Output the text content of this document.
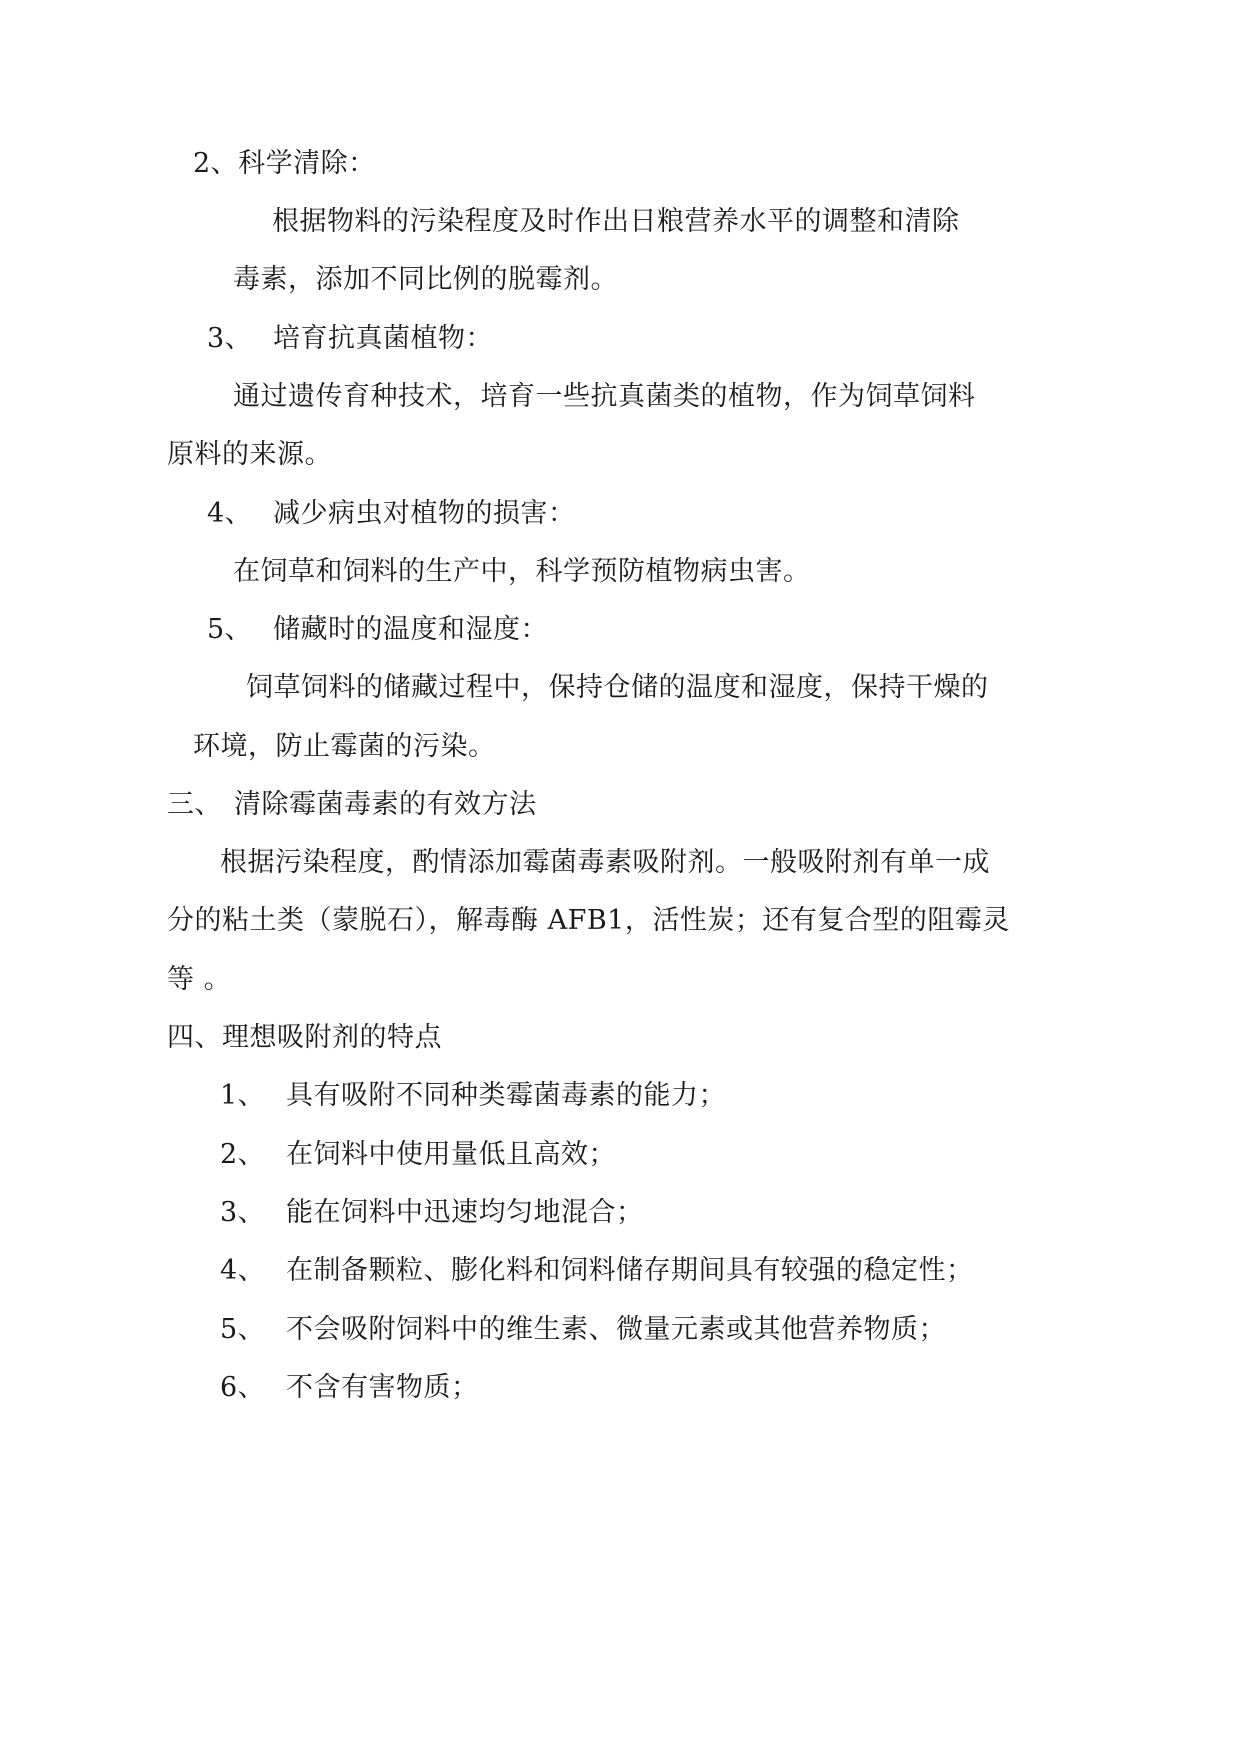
2、科学清除：
根据物料的污染程度及时作出日粮营养水平的调整和清除
毒素，添加不同比例的脱霉剂。
3、 培育抗真菌植物：
通过遗传育种技术，培育一些抗真菌类的植物，作为饲草饲料
原料的来源。
4、 减少病虫对植物的损害：
在饲草和饲料的生产中，科学预防植物病虫害。
5、 储藏时的温度和湿度：
饲草饲料的储藏过程中，保持仓储的温度和湿度，保持干燥的
环境，防止霉菌的污染。
三、 清除霉菌毒素的有效方法
根据污染程度，酌情添加霉菌毒素吸附剂。一般吸附剂有单一成
分的粘土类（蒙脱石），解毒酶 AFB1，活性炭；还有复合型的阻霉灵
等 。
四、理想吸附剂的特点
1、 具有吸附不同种类霉菌毒素的能力；
2、 在饲料中使用量低且高效；
3、 能在饲料中迅速均匀地混合；
4、 在制备颗粒、膨化料和饲料储存期间具有较强的稳定性；
5、 不会吸附饲料中的维生素、微量元素或其他营养物质；
6、 不含有害物质；
